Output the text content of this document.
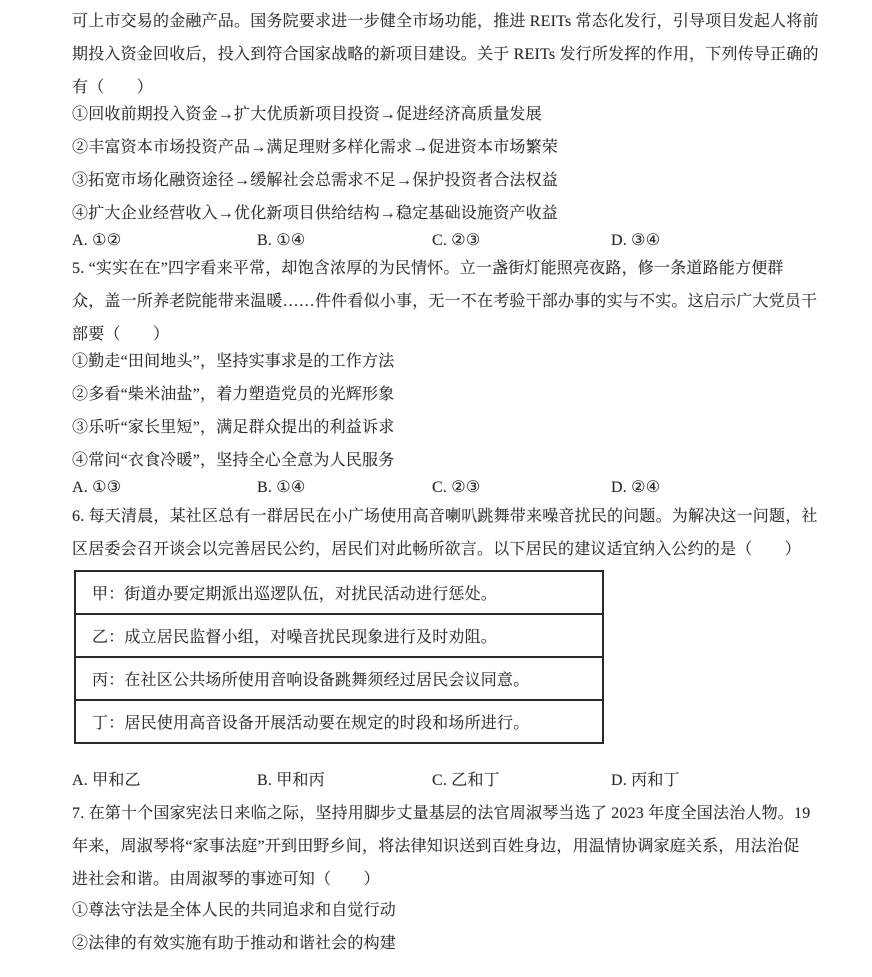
可上市交易的金融产品。国务院要求进一步健全市场功能，推进 REITs 常态化发行，引导项目发起人将前
期投入资金回收后，投入到符合国家战略的新项目建设。关于 REITs 发行所发挥的作用，下列传导正确的
有（　　）
①回收前期投入资金→扩大优质新项目投资→促进经济高质量发展
②丰富资本市场投资产品→满足理财多样化需求→促进资本市场繁荣
③拓宽市场化融资途径→缓解社会总需求不足→保护投资者合法权益
④扩大企业经营收入→优化新项目供给结构→稳定基础设施资产收益
A. ①②	B. ①④	C. ②③	D. ③④
5. “实实在在”四字看来平常，却饱含浓厚的为民情怀。立一盏街灯能照亮夜路，修一条道路能方便群
众，盖一所养老院能带来温暖……件件看似小事，无一不在考验干部办事的实与不实。这启示广大党员干
部要（　　）
①勤走“田间地头”，坚持实事求是的工作方法
②多看“柴米油盐”，着力塑造党员的光辉形象
③乐听“家长里短”，满足群众提出的利益诉求
④常问“衣食冷暖”，坚持全心全意为人民服务
A. ①③	B. ①④	C. ②③	D. ②④
6. 每天清晨，某社区总有一群居民在小广场使用高音喇叭跳舞带来噪音扰民的问题。为解决这一问题，社
区居委会召开谈会以完善居民公约，居民们对此畅所欲言。以下居民的建议适宜纳入公约的是（　　）
甲：街道办要定期派出巡逻队伍，对扰民活动进行惩处。
乙：成立居民监督小组，对噪音扰民现象进行及时劝阻。
丙：在社区公共场所使用音响设备跳舞须经过居民会议同意。
丁：居民使用高音设备开展活动要在规定的时段和场所进行。
A. 甲和乙	B. 甲和丙	C. 乙和丁	D. 丙和丁
7. 在第十个国家宪法日来临之际，坚持用脚步丈量基层的法官周淑琴当选了 2023 年度全国法治人物。19
年来，周淑琴将“家事法庭”开到田野乡间，将法律知识送到百姓身边，用温情协调家庭关系，用法治促
进社会和谐。由周淑琴的事迹可知（　　）
①尊法守法是全体人民的共同追求和自觉行动
②法律的有效实施有助于推动和谐社会的构建
